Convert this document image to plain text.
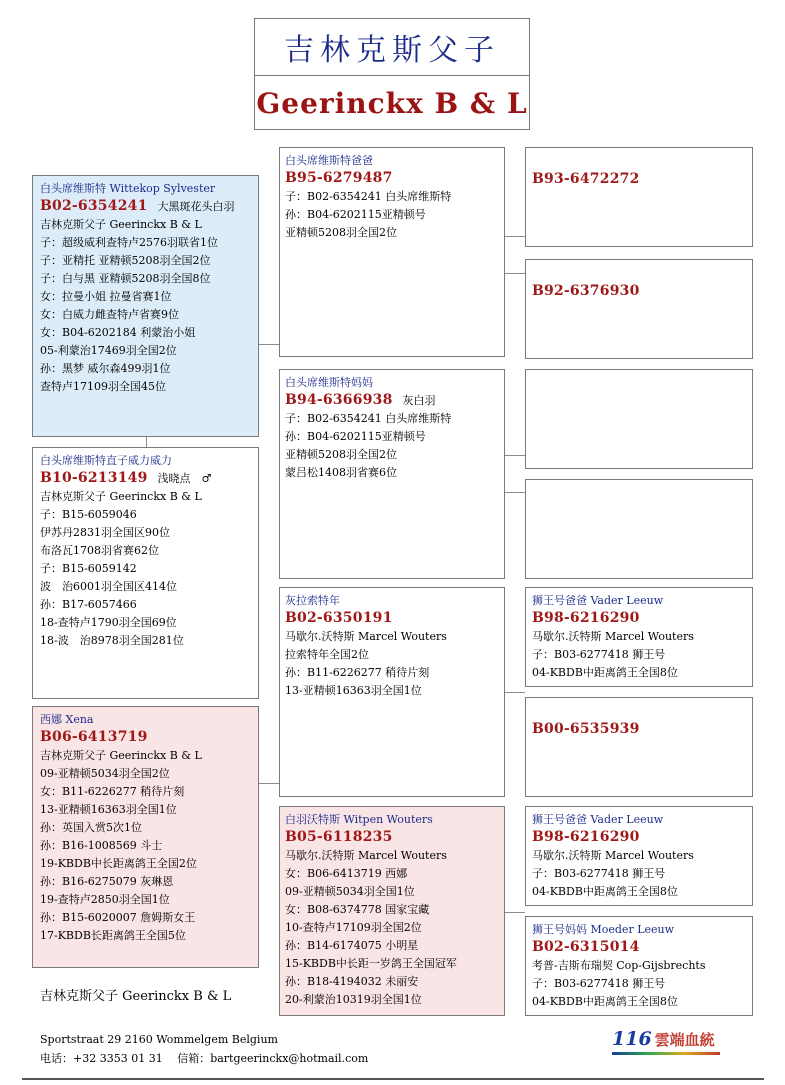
吉林克斯父子
Geerinckx B & L
白头席维斯特 Wittekop Sylvester
B02-6354241 大黑斑花头白羽
吉林克斯父子 Geerinckx B & L
子：超级威利查特卢2576羽联省1位
子：亚精托 亚精顿5208羽全国2位
子：白与黑 亚精顿5208羽全国8位
女：拉曼小姐 拉曼省赛1位
女：白威力雌查特卢省赛9位
女：B04-6202184 利蒙治小姐
05-利蒙治17469羽全国2位
孙：黑梦 威尔森499羽1位
查特卢17109羽全国45位
白头席维斯特直子威力威力
B10-6213149 浅晓点　♂
吉林克斯父子 Geerinckx B & L
子：B15-6059046
伊苏丹2831羽全国区90位
布洛瓦1708羽省赛62位
子：B15-6059142
波　治6001羽全国区414位
孙：B17-6057466
18-查特卢1790羽全国69位
18-波　治8978羽全国281位
西娜 Xena
B06-6413719
吉林克斯父子 Geerinckx B & L
09-亚精顿5034羽全国2位
女：B11-6226277 稍待片刻
13-亚精顿16363羽全国1位
孙：英国入赏5次1位
孙：B16-1008569 斗士
19-KBDB中长距离鸽王全国2位
孙：B16-6275079 灰琳恩
19-查特卢2850羽全国1位
孙：B15-6020007 詹姆斯女王
17-KBDB长距离鸽王全国5位
白头席维斯特爸爸
B95-6279487
子：B02-6354241 白头席维斯特
孙：B04-6202115亚精顿号
亚精顿5208羽全国2位
白头席维斯特妈妈
B94-6366938 灰白羽
子：B02-6354241 白头席维斯特
孙：B04-6202115亚精顿号
亚精顿5208羽全国2位
蒙吕松1408羽省赛6位
灰拉索特年
B02-6350191
马歇尔.沃特斯 Marcel Wouters
拉索特年全国2位
孙：B11-6226277 稍待片刻
13-亚精顿16363羽全国1位
白羽沃特斯 Witpen Wouters
B05-6118235
马歇尔.沃特斯 Marcel Wouters
女：B06-6413719 西娜
09-亚精顿5034羽全国1位
女：B08-6374778 国家宝藏
10-查特卢17109羽全国2位
孙：B14-6174075 小明星
15-KBDB中长距一岁鸽王全国冠军
孙：B18-4194032 未丽安
20-利蒙治10319羽全国1位
B93-6472272
B92-6376930
狮王号爸爸 Vader Leeuw
B98-6216290
马歇尔.沃特斯 Marcel Wouters
子：B03-6277418 狮王号
04-KBDB中距离鸽王全国8位
B00-6535939
狮王号爸爸 Vader Leeuw
B98-6216290
马歇尔.沃特斯 Marcel Wouters
子：B03-6277418 狮王号
04-KBDB中距离鸽王全国8位
狮王号妈妈 Moeder Leeuw
B02-6315014
考普-吉斯布瑞契 Cop-Gijsbrechts
子：B03-6277418 狮王号
04-KBDB中距离鸽王全国8位
吉林克斯父子 Geerinckx B & L
Sportstraat 29 2160 Wommelgem Belgium
电话：+32 3353 01 31　 信箱：bartgeerinckx@hotmail.com
116 雲端血統
